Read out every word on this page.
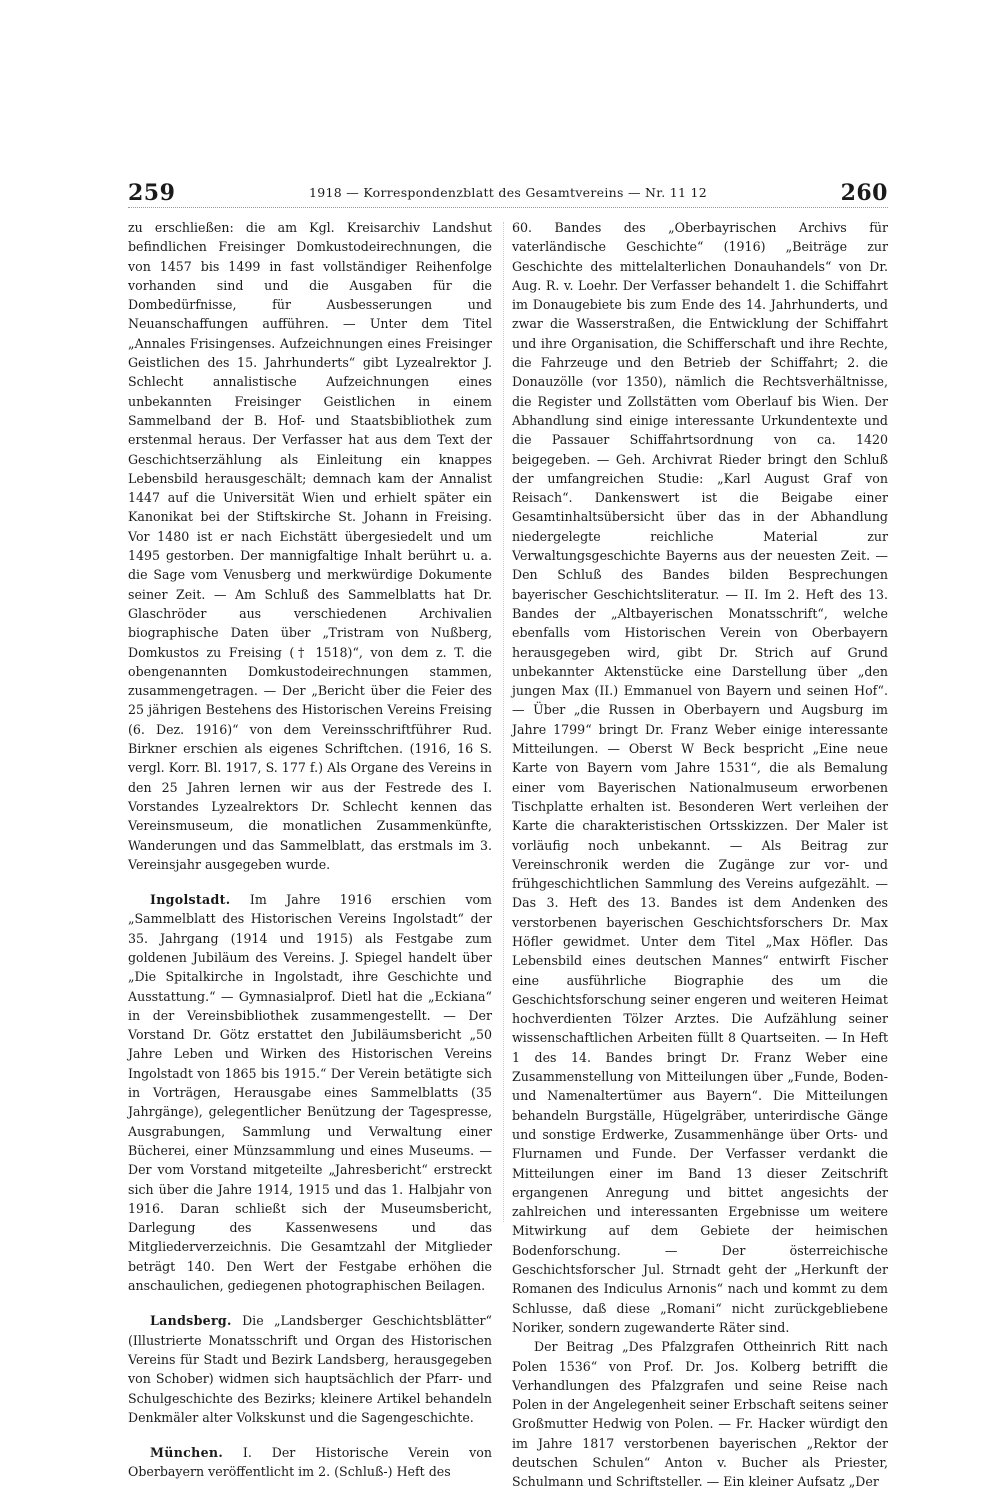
259	1918 — Korrespondenzblatt des Gesamtvereins — Nr. 11 12	260

zu erschließen: die am Kgl. Kreisarchiv Landshut befindlichen Freisinger Domkustodeirechnungen, die von 1457 bis 1499 in fast vollständiger Reihenfolge vorhanden sind und die Ausgaben für die Dombedürfnisse, für Ausbesserungen und Neuanschaffungen aufführen. — Unter dem Titel „Annales Frisingenses. Aufzeichnungen eines Freisinger Geistlichen des 15. Jahrhunderts“ gibt Lyzealrektor J. Schlecht annalistische Aufzeichnungen eines unbekannten Freisinger Geistlichen in einem Sammelband der B. Hof- und Staatsbibliothek zum erstenmal heraus. Der Verfasser hat aus dem Text der Geschichtserzählung als Einleitung ein knappes Lebensbild herausgeschält; demnach kam der Annalist 1447 auf die Universität Wien und erhielt später ein Kanonikat bei der Stiftskirche St. Johann in Freising. Vor 1480 ist er nach Eichstätt übergesiedelt und um 1495 gestorben. Der mannigfaltige Inhalt berührt u. a. die Sage vom Venusberg und merkwürdige Dokumente seiner Zeit. — Am Schluß des Sammelblatts hat Dr. Glaschröder aus verschiedenen Archivalien biographische Daten über „Tristram von Nußberg, Domkustos zu Freising († 1518)“, von dem z. T. die obengenannten Domkustodeirechnungen stammen, zusammengetragen. — Der „Bericht über die Feier des 25 jährigen Bestehens des Historischen Vereins Freising (6. Dez. 1916)“ von dem Vereinsschriftführer Rud. Birkner erschien als eigenes Schriftchen. (1916, 16 S. vergl. Korr. Bl. 1917, S. 177 f.) Als Organe des Vereins in den 25 Jahren lernen wir aus der Festrede des I. Vorstandes Lyzealrektors Dr. Schlecht kennen das Vereinsmuseum, die monatlichen Zusammenkünfte, Wanderungen und das Sammelblatt, das erstmals im 3. Vereinsjahr ausgegeben wurde.

Ingolstadt. Im Jahre 1916 erschien vom „Sammelblatt des Historischen Vereins Ingolstadt“ der 35. Jahrgang (1914 und 1915) als Festgabe zum goldenen Jubiläum des Vereins. J. Spiegel handelt über „Die Spitalkirche in Ingolstadt, ihre Geschichte und Ausstattung.“ — Gymnasialprof. Dietl hat die „Eckiana“ in der Vereinsbibliothek zusammengestellt. — Der Vorstand Dr. Götz erstattet den Jubiläumsbericht „50 Jahre Leben und Wirken des Historischen Vereins Ingolstadt von 1865 bis 1915.“ Der Verein betätigte sich in Vorträgen, Herausgabe eines Sammelblatts (35 Jahrgänge), gelegentlicher Benützung der Tagespresse, Ausgrabungen, Sammlung und Verwaltung einer Bücherei, einer Münzsammlung und eines Museums. — Der vom Vorstand mitgeteilte „Jahresbericht“ erstreckt sich über die Jahre 1914, 1915 und das 1. Halbjahr von 1916. Daran schließt sich der Museumsbericht, Darlegung des Kassenwesens und das Mitgliederverzeichnis. Die Gesamtzahl der Mitglieder beträgt 140. Den Wert der Festgabe erhöhen die anschaulichen, gediegenen photographischen Beilagen.

Landsberg. Die „Landsberger Geschichtsblätter“ (Illustrierte Monatsschrift und Organ des Historischen Vereins für Stadt und Bezirk Landsberg, herausgegeben von Schober) widmen sich hauptsächlich der Pfarr- und Schulgeschichte des Bezirks; kleinere Artikel behandeln Denkmäler alter Volkskunst und die Sagengeschichte.

München. I. Der Historische Verein von Oberbayern veröffentlicht im 2. (Schluß-) Heft des

60. Bandes des „Oberbayrischen Archivs für vaterländische Geschichte“ (1916) „Beiträge zur Geschichte des mittelalterlichen Donauhandels“ von Dr. Aug. R. v. Loehr. Der Verfasser behandelt 1. die Schiffahrt im Donaugebiete bis zum Ende des 14. Jahrhunderts, und zwar die Wasserstraßen, die Entwicklung der Schiffahrt und ihre Organisation, die Schifferschaft und ihre Rechte, die Fahrzeuge und den Betrieb der Schiffahrt; 2. die Donauzölle (vor 1350), nämlich die Rechtsverhältnisse, die Register und Zollstätten vom Oberlauf bis Wien. Der Abhandlung sind einige interessante Urkundentexte und die Passauer Schiffahrtsordnung von ca. 1420 beigegeben. — Geh. Archivrat Rieder bringt den Schluß der umfangreichen Studie: „Karl August Graf von Reisach“. Dankenswert ist die Beigabe einer Gesamtinhaltsübersicht über das in der Abhandlung niedergelegte reichliche Material zur Verwaltungsgeschichte Bayerns aus der neuesten Zeit. — Den Schluß des Bandes bilden Besprechungen bayerischer Geschichtsliteratur. — II. Im 2. Heft des 13. Bandes der „Altbayerischen Monatsschrift“, welche ebenfalls vom Historischen Verein von Oberbayern herausgegeben wird, gibt Dr. Strich auf Grund unbekannter Aktenstücke eine Darstellung über „den jungen Max (II.) Emmanuel von Bayern und seinen Hof“. — Über „die Russen in Oberbayern und Augsburg im Jahre 1799“ bringt Dr. Franz Weber einige interessante Mitteilungen. — Oberst W Beck bespricht „Eine neue Karte von Bayern vom Jahre 1531“, die als Bemalung einer vom Bayerischen Nationalmuseum erworbenen Tischplatte erhalten ist. Besonderen Wert verleihen der Karte die charakteristischen Ortsskizzen. Der Maler ist vorläufig noch unbekannt. — Als Beitrag zur Vereinschronik werden die Zugänge zur vor- und frühgeschichtlichen Sammlung des Vereins aufgezählt. — Das 3. Heft des 13. Bandes ist dem Andenken des verstorbenen bayerischen Geschichtsforschers Dr. Max Höfler gewidmet. Unter dem Titel „Max Höfler. Das Lebensbild eines deutschen Mannes“ entwirft Fischer eine ausführliche Biographie des um die Geschichtsforschung seiner engeren und weiteren Heimat hochverdienten Tölzer Arztes. Die Aufzählung seiner wissenschaftlichen Arbeiten füllt 8 Quartseiten. — In Heft 1 des 14. Bandes bringt Dr. Franz Weber eine Zusammenstellung von Mitteilungen über „Funde, Boden- und Namenaltertümer aus Bayern“. Die Mitteilungen behandeln Burgställe, Hügelgräber, unterirdische Gänge und sonstige Erdwerke, Zusammenhänge über Orts- und Flurnamen und Funde. Der Verfasser verdankt die Mitteilungen einer im Band 13 dieser Zeitschrift ergangenen Anregung und bittet angesichts der zahlreichen und interessanten Ergebnisse um weitere Mitwirkung auf dem Gebiete der heimischen Bodenforschung. — Der österreichische Geschichtsforscher Jul. Strnadt geht der „Herkunft der Romanen des Indiculus Arnonis“ nach und kommt zu dem Schlusse, daß diese „Romani“ nicht zurückgebliebene Noriker, sondern zugewanderte Räter sind.

Der Beitrag „Des Pfalzgrafen Ottheinrich Ritt nach Polen 1536“ von Prof. Dr. Jos. Kolberg betrifft die Verhandlungen des Pfalzgrafen und seine Reise nach Polen in der Angelegenheit seiner Erbschaft seitens seiner Großmutter Hedwig von Polen. — Fr. Hacker würdigt den im Jahre 1817 verstorbenen bayerischen „Rektor der deutschen Schulen“ Anton v. Bucher als Priester, Schulmann und Schriftsteller. — Ein kleiner Aufsatz „Der
